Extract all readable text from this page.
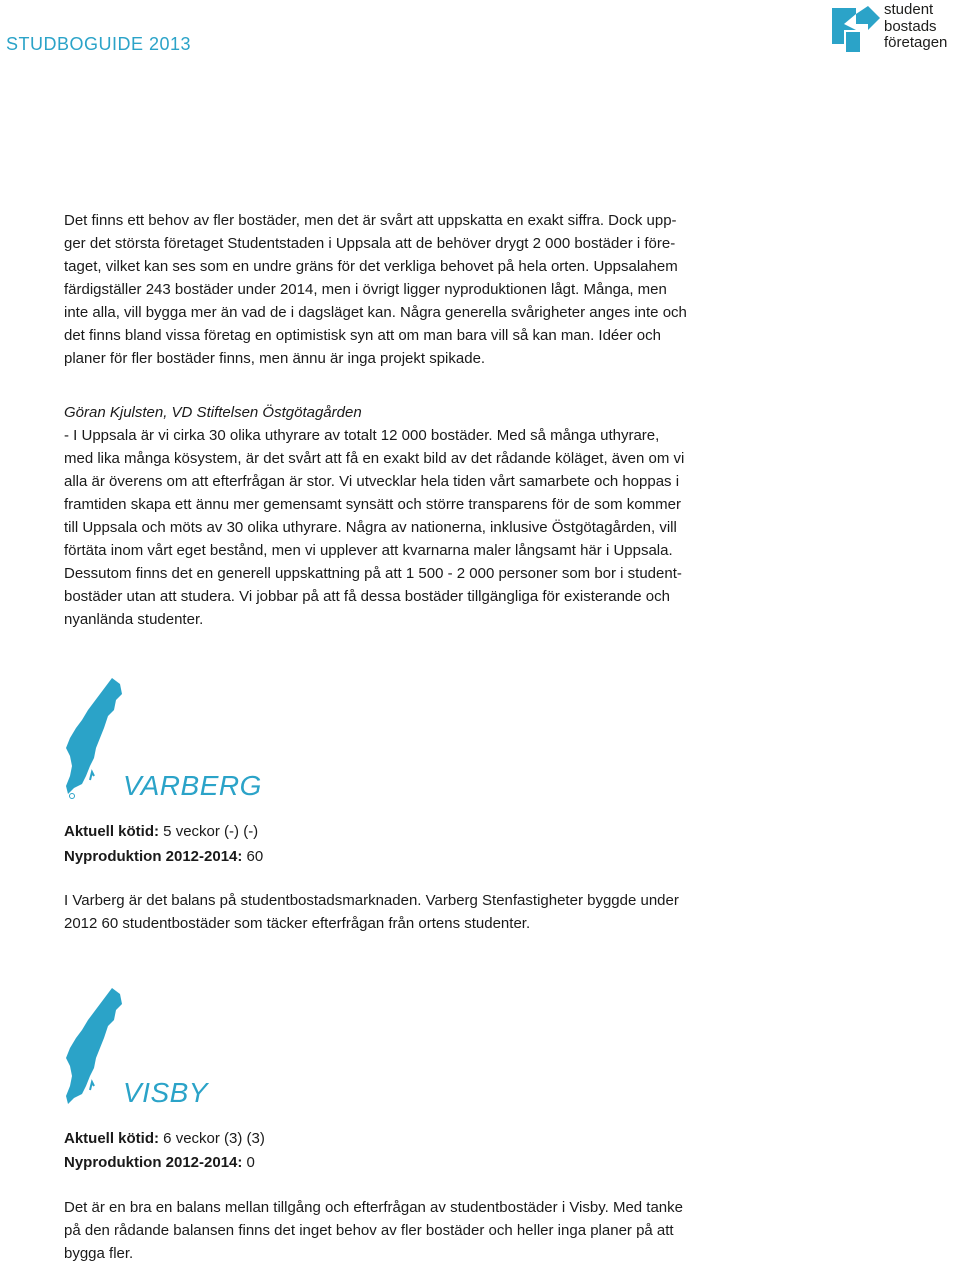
STUDBOGUIDE 2013
student
bostads
företagen

Det finns ett behov av fler bostäder, men det är svårt att uppskatta en exakt siffra. Dock upp-
ger det största företaget Studentstaden i Uppsala att de behöver drygt 2 000 bostäder i före-
taget, vilket kan ses som en undre gräns för det verkliga behovet på hela orten. Uppsalahem
färdigställer 243 bostäder under 2014, men i övrigt ligger nyproduktionen lågt. Många, men
inte alla, vill bygga mer än vad de i dagsläget kan. Några generella svårigheter anges inte och
det finns bland vissa företag en optimistisk syn att om man bara vill så kan man. Idéer och
planer för fler bostäder finns, men ännu är inga projekt spikade.

Göran Kjulsten, VD Stiftelsen Östgötagården

- I Uppsala är vi cirka 30 olika uthyrare av totalt 12 000 bostäder. Med så många uthyrare,
med lika många kösystem, är det svårt att få en exakt bild av det rådande köläget, även om vi
alla är överens om att efterfrågan är stor. Vi utvecklar hela tiden vårt samarbete och hoppas i
framtiden skapa ett ännu mer gemensamt synsätt och större transparens för de som kommer
till Uppsala och möts av 30 olika uthyrare. Några av nationerna, inklusive Östgötagården, vill
förtäta inom vårt eget bestånd, men vi upplever att kvarnarna maler långsamt här i Uppsala.
Dessutom finns det en generell uppskattning på att 1 500 - 2 000 personer som bor i student-
bostäder utan att studera. Vi jobbar på att få dessa bostäder tillgängliga för existerande och
nyanlända studenter.

VARBERG

Aktuell kötid: 5 veckor (-) (-)

Nyproduktion 2012-2014: 60

I Varberg är det balans på studentbostadsmarknaden. Varberg Stenfastigheter byggde under
2012 60 studentbostäder som täcker efterfrågan från ortens studenter.

VISBY

Aktuell kötid: 6 veckor (3) (3)

Nyproduktion 2012-2014: 0

Det är en bra en balans mellan tillgång och efterfrågan av studentbostäder i Visby. Med tanke
på den rådande balansen finns det inget behov av fler bostäder och heller inga planer på att
bygga fler.
